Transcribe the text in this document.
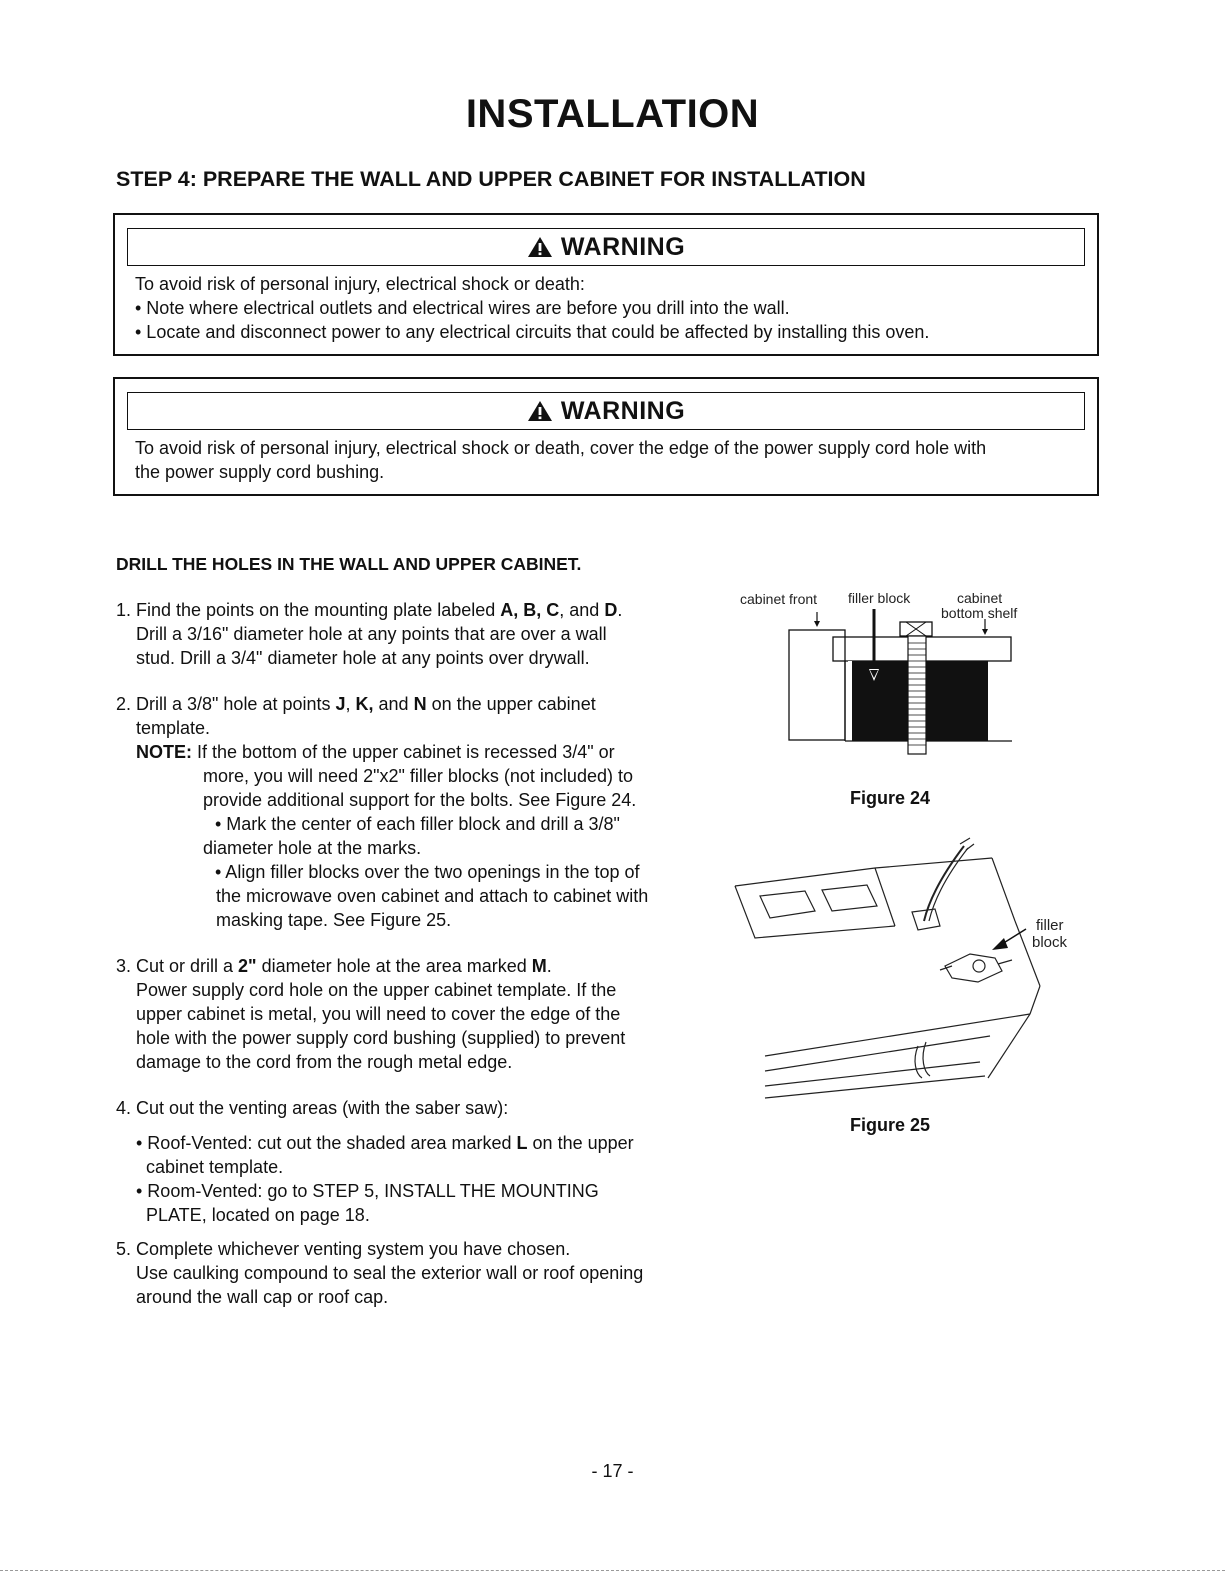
INSTALLATION
STEP 4: PREPARE THE WALL AND UPPER CABINET FOR INSTALLATION
WARNING

To avoid risk of personal injury, electrical shock or death:

• Note where electrical outlets and electrical wires are before you drill into the wall.

• Locate and disconnect power to any electrical circuits that could be affected by installing this oven.

WARNING

To avoid risk of personal injury, electrical shock or death, cover the edge of the power supply cord hole with

the power supply cord bushing.

DRILL THE HOLES IN THE WALL AND UPPER CABINET.
1. Find the points on the mounting plate labeled A, B, C, and D.

Drill a 3/16" diameter hole at any points that are over a wall

stud. Drill a 3/4" diameter hole at any points over drywall.

2. Drill a 3/8" hole at points J, K, and N on the upper cabinet

template.

NOTE: If the bottom of the upper cabinet is recessed 3/4" or

more, you will need 2"x2" filler blocks (not included) to

provide additional support for the bolts. See Figure 24.

• Mark the center of each filler block and drill a 3/8"

diameter hole at the marks.

• Align filler blocks over the two openings in the top of

the microwave oven cabinet and attach to cabinet with

masking tape. See Figure 25.

3. Cut or drill a 2" diameter hole at the area marked M.

Power supply cord hole on the upper cabinet template. If the

upper cabinet is metal, you will need to cover the edge of the

hole with the power supply cord bushing (supplied) to prevent

damage to the cord from the rough metal edge.

4. Cut out the venting areas (with the saber saw):

• Roof-Vented: cut out the shaded area marked L on the upper

cabinet template.

• Room-Vented: go to STEP 5, INSTALL THE MOUNTING

PLATE, located on page 18.

5. Complete whichever venting system you have chosen.

Use caulking compound to seal the exterior wall or roof opening

around the wall cap or roof cap.

cabinet front filler block	cabinet
bottom shelf
Figure 24
filler
block
Figure 25
- 17 -
